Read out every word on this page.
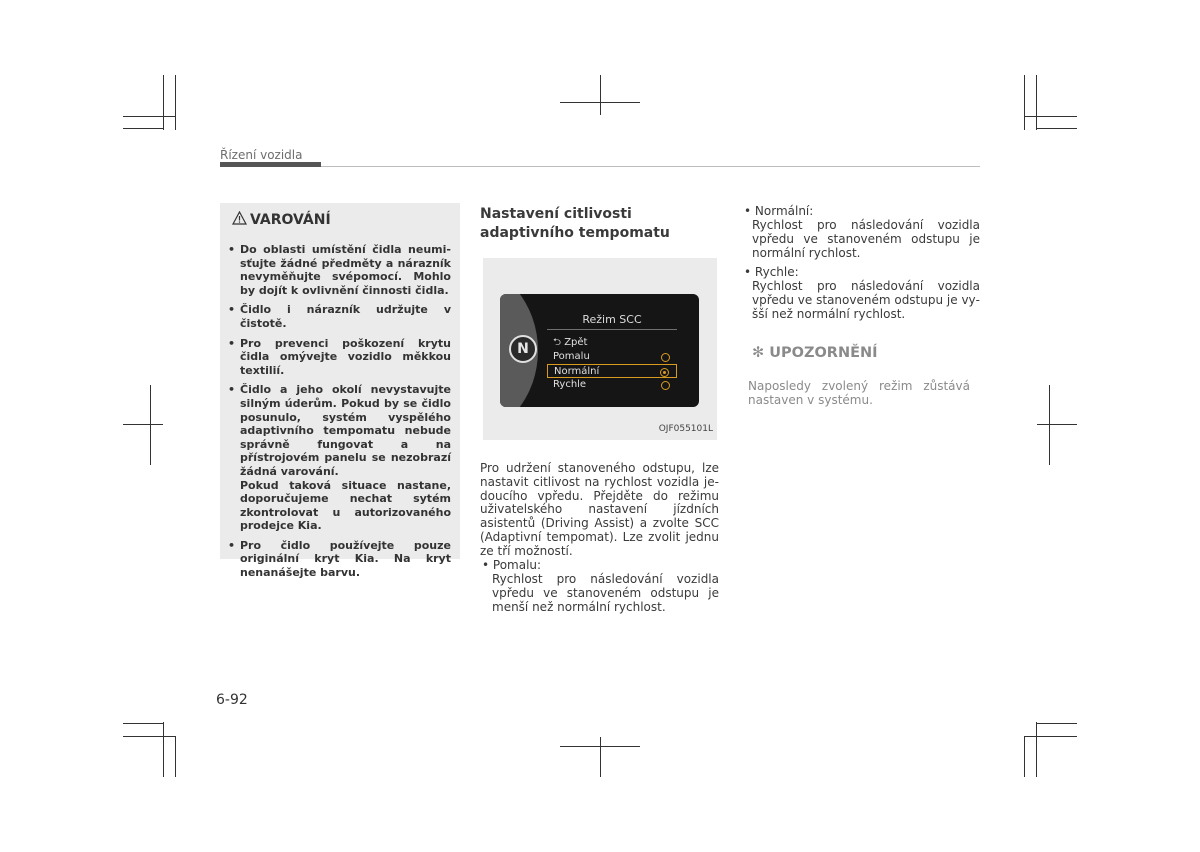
Řízení vozidla
VAROVÁNÍ
• Do oblasti umístění čidla neumisťujte žádné předměty a nárazník nevyměňujte svépomocí. Mohlo by dojít k ovlivnění činnosti čidla.
• Čidlo i nárazník udržujte v čistotě.
• Pro prevenci poškození krytu čidla omývejte vozidlo měkkou textilií.
• Čidlo a jeho okolí nevystavujte silným úderům. Pokud by se čidlo posunulo, systém vyspělého adaptivního tempomatu nebude správně fungovat a na přístrojovém panelu se nezobrazí žádná varování.
Pokud taková situace nastane, doporučujeme nechat sytém zkontrolovat u autorizovaného prodejce Kia.
• Pro čidlo používejte pouze originální kryt Kia. Na kryt nenanášejte barvu.
Nastavení citlivosti adaptivního tempomatu
N
Režim SCC
⮌ Zpět
Pomalu
Normální
Rychle
OJF055101L
Pro udržení stanoveného odstupu, lze nastavit citlivost na rychlost vozidla jedoucího vpředu. Přejděte do režimu uživatelského nastavení jízdních asistentů (Driving Assist) a zvolte SCC (Adaptivní tempomat). Lze zvolit jednu ze tří možností.
• Pomalu:
Rychlost pro následování vozidla vpředu ve stanoveném odstupu je menší než normální rychlost.
• Normální:
Rychlost pro následování vozidla vpředu ve stanoveném odstupu je normální rychlost.
• Rychle:
Rychlost pro následování vozidla vpředu ve stanoveném odstupu je vyšší než normální rychlost.
✻ UPOZORNĚNÍ
Naposledy zvolený režim zůstává nastaven v systému.
6-92
